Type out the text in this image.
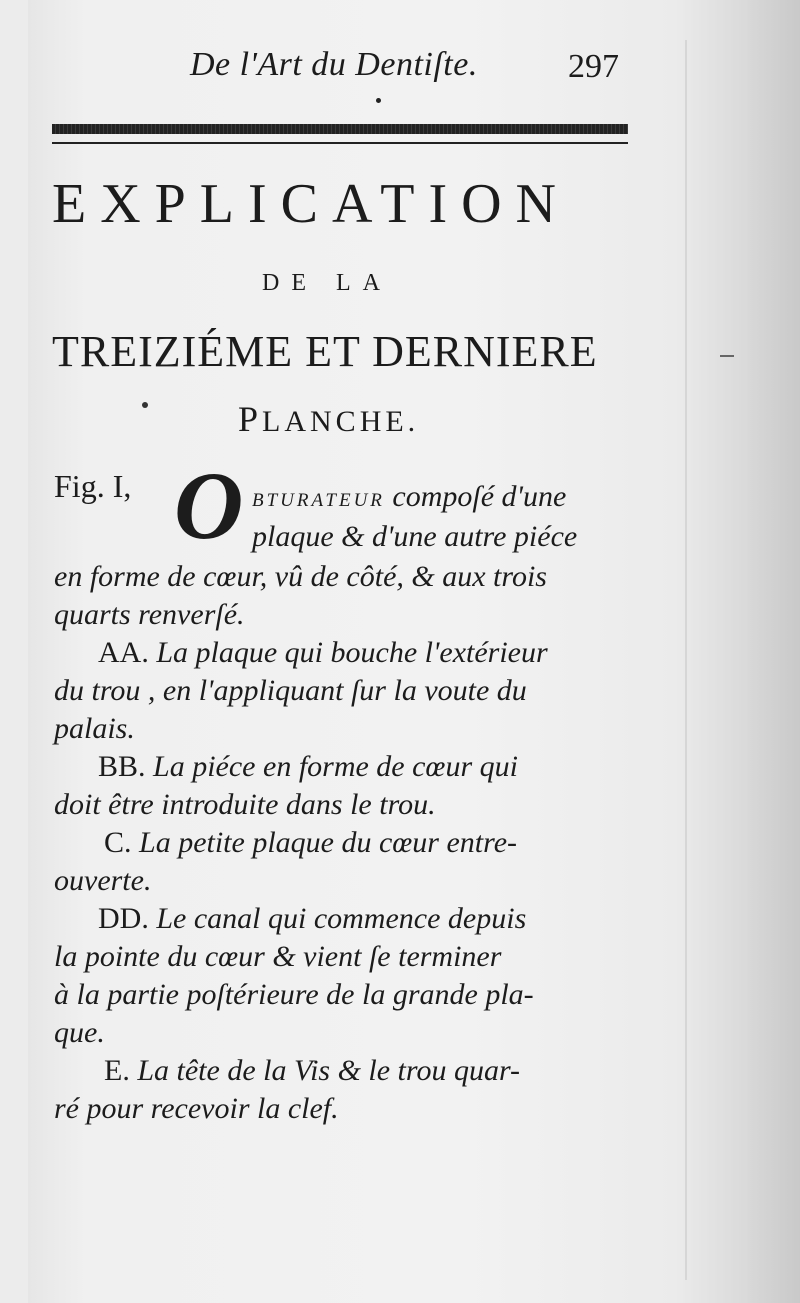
De l'Art du Dentiſte.	297
EXPLICATION
DE LA
TREIZIÉME ET DERNIERE
PLANCHE.
Fig. I, O BTURATEUR compoſé d'une
plaque & d'une autre piéce
en forme de cœur, vû de côté, & aux trois
quarts renverſé.
AA. La plaque qui bouche l'extérieur
du trou , en l'appliquant ſur la voute du
palais.
BB. La piéce en forme de cœur qui
doit être introduite dans le trou.
C. La petite plaque du cœur entre-
ouverte.
DD. Le canal qui commence depuis
la pointe du cœur & vient ſe terminer
à la partie poſtérieure de la grande pla-
que.
E. La tête de la Vis & le trou quar-
ré pour recevoir la clef.
